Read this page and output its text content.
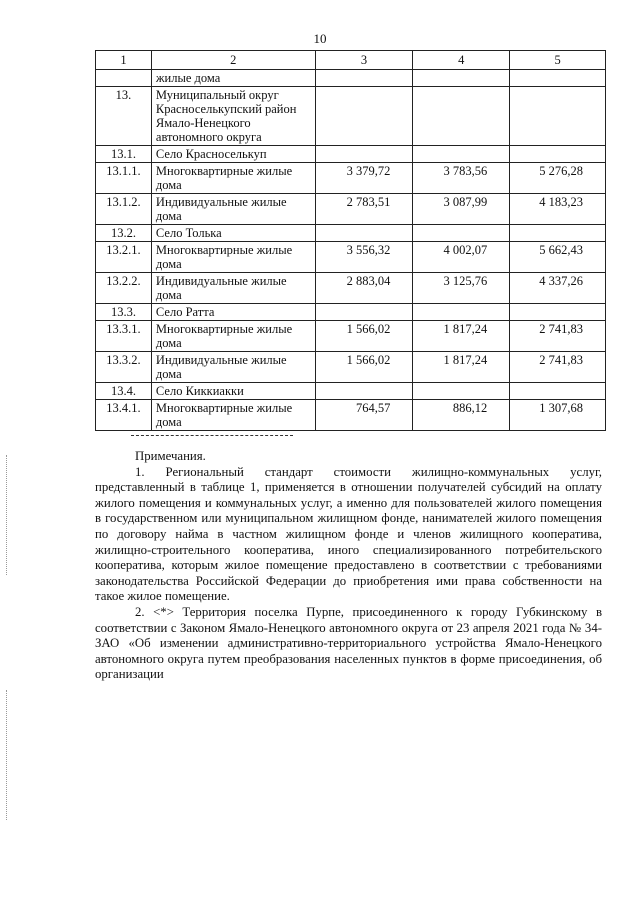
10
1	2	3	4	5
	жилые дома			
13.	Муниципальный округ Красноселькупский район Ямало-Ненецкого автономного округа			
13.1.	Село Красноселькуп			
13.1.1.	Многоквартирные жилые дома	3 379,72	3 783,56	5 276,28
13.1.2.	Индивидуальные жилые дома	2 783,51	3 087,99	4 183,23
13.2.	Село Толька			
13.2.1.	Многоквартирные жилые дома	3 556,32	4 002,07	5 662,43
13.2.2.	Индивидуальные жилые дома	2 883,04	3 125,76	4 337,26
13.3.	Село Ратта			
13.3.1.	Многоквартирные жилые дома	1 566,02	1 817,24	2 741,83
13.3.2.	Индивидуальные жилые дома	1 566,02	1 817,24	2 741,83
13.4.	Село Киккиакки			
13.4.1.	Многоквартирные жилые дома	764,57	886,12	1 307,68

Примечания.

1. Региональный стандарт стоимости жилищно-коммунальных услуг, представленный в таблице 1, применяется в отношении получателей субсидий на оплату жилого помещения и коммунальных услуг, а именно для пользователей жилого помещения в государственном или муниципальном жилищном фонде, нанимателей жилого помещения по договору найма в частном жилищном фонде и членов жилищного кооператива, жилищно-строительного кооператива, иного специализированного потребительского кооператива, которым жилое помещение предоставлено в соответствии с требованиями законодательства Российской Федерации до приобретения ими права собственности на такое жилое помещение.

2. <*> Территория поселка Пурпе, присоединенного к городу Губкинскому в соответствии с Законом Ямало-Ненецкого автономного округа от 23 апреля 2021 года № 34-ЗАО «Об изменении административно-территориального устройства Ямало-Ненецкого автономного округа путем преобразования населенных пунктов в форме присоединения, об организации
